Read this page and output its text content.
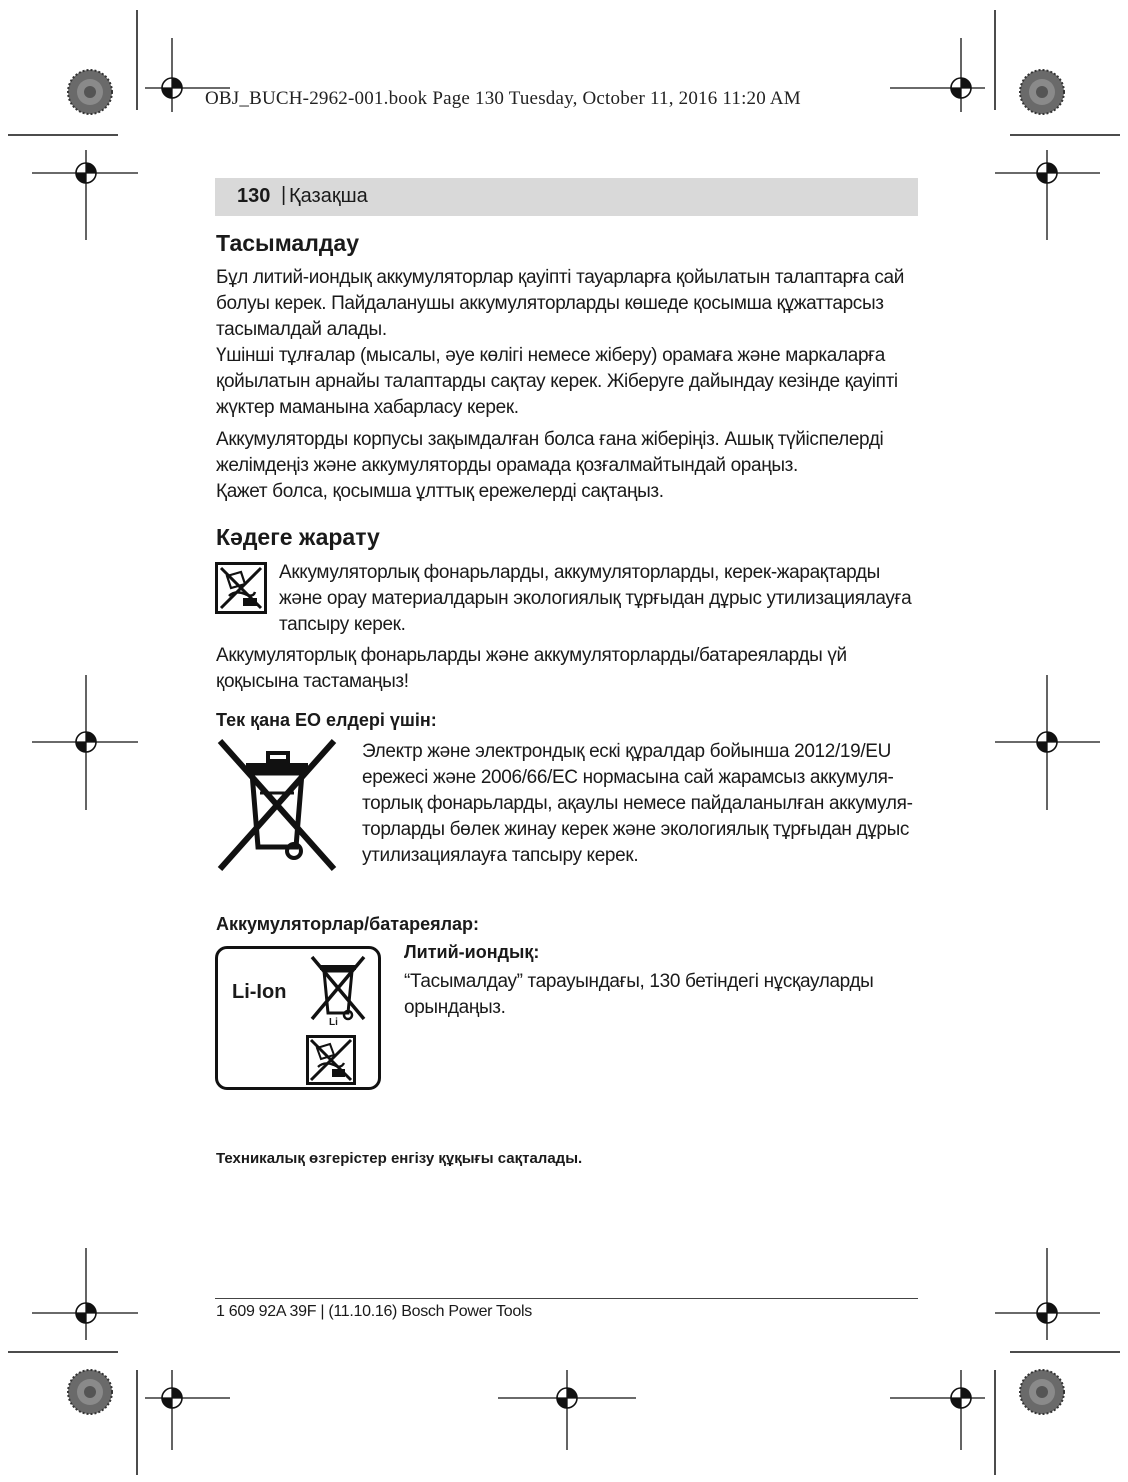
OBJ_BUCH-2962-001.book Page 130 Tuesday, October 11, 2016 11:20 AM
130 | Қазақша
Тасымалдау

Бұл литий-иондық аккумуляторлар қауіпті тауарларға қойылатын талаптарға сай
болуы керек. Пайдаланушы аккумуляторларды көшеде қосымша құжаттарсыз
тасымалдай алады.
Үшінші тұлғалар (мысалы, әуе көлігі немесе жіберу) орамаға және маркаларға
қойылатын арнайы талаптарды сақтау керек. Жіберуге дайындау кезінде қауіпті
жүктер маманына хабарласу керек.

Аккумуляторды корпусы зақымдалған болса ғана жіберіңіз. Ашық түйіспелерді
желімдеңіз және аккумуляторды орамада қозғалмайтындай ораңыз.
Қажет болса, қосымша ұлттық ережелерді сақтаңыз.

Кәдеге жарату

Аккумуляторлық фонарьларды, аккумуляторларды, керек-жарақтарды
және орау материалдарын экологиялық тұрғыдан дұрыс утилизациялауға
тапсыру керек.

Аккумуляторлық фонарьларды және аккумуляторларды/батареяларды үй
қоқысына тастамаңыз!

Тек қана ЕО елдері үшін:

Электр және электрондық ескі құралдар бойынша 2012/19/EU
ережесі және 2006/66/EC нормасына сай жарамсыз аккумуля-
торлық фонарьларды, ақаулы немесе пайдаланылған аккумуля-
торларды бөлек жинау керек және экологиялық тұрғыдан дұрыс
утилизациялауға тапсыру керек.

Аккумуляторлар/батареялар:
Li-Ion
Li
Литий-иондық:

“Тасымалдау” тарауындағы, 130 бетіндегі нұсқауларды
орындаңыз.

Техникалық өзгерістер енгізу құқығы сақталады.
1 609 92A 39F | (11.10.16) Bosch Power Tools
